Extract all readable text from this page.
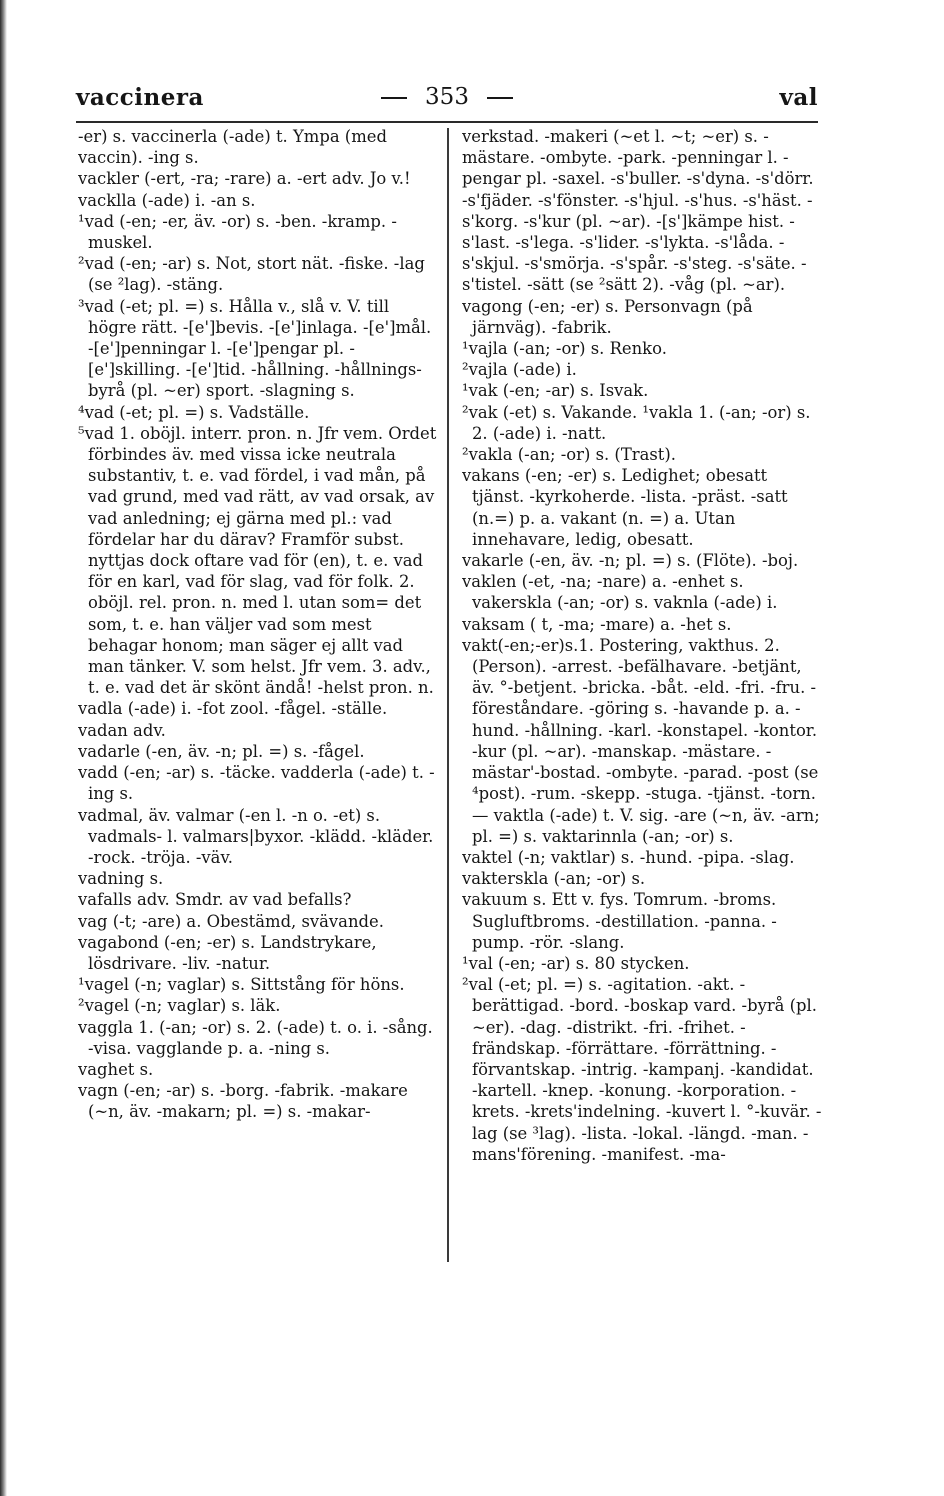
vaccinera	353	val
-er) s. vaccinerla (-ade) t. Ympa (med vaccin). -ing s.
vackler (-ert, -ra; -rare) a. -ert adv. Jo v.!
vacklla (-ade) i. -an s.
¹vad (-en; -er, äv. -or) s. -ben. -kramp. -muskel.
²vad (-en; -ar) s. Not, stort nät. -fiske. -lag (se ²lag). -stäng.
³vad (-et; pl. =) s. Hålla v., slå v. V. till högre rätt. -[e']bevis. -[e']inlaga. -[e']mål. -[e']penningar l. -[e']pengar pl. -[e']skilling. -[e']tid. -hållning. -hållnings-byrå (pl. ~er) sport. -slagning s.
⁴vad (-et; pl. =) s. Vadställe.
⁵vad 1. oböjl. interr. pron. n. Jfr vem. Ordet förbindes äv. med vissa icke neutrala substantiv, t. e. vad fördel, i vad mån, på vad grund, med vad rätt, av vad orsak, av vad anledning; ej gärna med pl.: vad fördelar har du därav? Framför subst. nyttjas dock oftare vad för (en), t. e. vad för en karl, vad för slag, vad för folk. 2. oböjl. rel. pron. n. med l. utan som= det som, t. e. han väljer vad som mest behagar honom; man säger ej allt vad man tänker. V. som helst. Jfr vem. 3. adv., t. e. vad det är skönt ändå! -helst pron. n.
vadla (-ade) i. -fot zool. -fågel. -ställe.
vadan adv.
vadarle (-en, äv. -n; pl. =) s. -fågel.
vadd (-en; -ar) s. -täcke. vadderla (-ade) t. -ing s.
vadmal, äv. valmar (-en l. -n o. -et) s. vadmals- l. valmars|byxor. -klädd. -kläder. -rock. -tröja. -väv.
vadning s.
vafalls adv. Smdr. av vad befalls?
vag (-t; -are) a. Obestämd, svävande.
vagabond (-en; -er) s. Landstrykare, lösdrivare. -liv. -natur.
¹vagel (-n; vaglar) s. Sittstång för höns.
²vagel (-n; vaglar) s. läk.
vaggla 1. (-an; -or) s. 2. (-ade) t. o. i. -sång. -visa. vagglande p. a. -ning s.
vaghet s.
vagn (-en; -ar) s. -borg. -fabrik. -makare (~n, äv. -makarn; pl. =) s. -makar-
verkstad. -makeri (~et l. ~t; ~er) s. -mästare. -ombyte. -park. -penningar l. -pengar pl. -saxel. -s'buller. -s'dyna. -s'dörr. -s'fjäder. -s'fönster. -s'hjul. -s'hus. -s'häst. -s'korg. -s'kur (pl. ~ar). -[s']kämpe hist. -s'last. -s'lega. -s'lider. -s'lykta. -s'låda. -s'skjul. -s'smörja. -s'spår. -s'steg. -s'säte. -s'tistel. -sätt (se ²sätt 2). -våg (pl. ~ar).
vagong (-en; -er) s. Personvagn (på järnväg). -fabrik.
¹vajla (-an; -or) s. Renko.
²vajla (-ade) i.
¹vak (-en; -ar) s. Isvak.
²vak (-et) s. Vakande. ¹vakla 1. (-an; -or) s. 2. (-ade) i. -natt.
²vakla (-an; -or) s. (Trast).
vakans (-en; -er) s. Ledighet; obesatt tjänst. -kyrkoherde. -lista. -präst. -satt (n.=) p. a. vakant (n. =) a. Utan innehavare, ledig, obesatt.
vakarle (-en, äv. -n; pl. =) s. (Flöte). -boj.
vaklen (-et, -na; -nare) a. -enhet s. vakerskla (-an; -or) s. vaknla (-ade) i.
vaksam ( t, -ma; -mare) a. -het s.
vakt(-en;-er)s.1. Postering, vakthus. 2. (Person). -arrest. -befälhavare. -betjänt, äv. °-betjent. -bricka. -båt. -eld. -fri. -fru. -föreståndare. -göring s. -havande p. a. -hund. -hållning. -karl. -konstapel. -kontor. -kur (pl. ~ar). -manskap. -mästare. -mästar'-bostad. -ombyte. -parad. -post (se ⁴post). -rum. -skepp. -stuga. -tjänst. -torn. — vaktla (-ade) t. V. sig. -are (~n, äv. -arn; pl. =) s. vaktarinnla (-an; -or) s.
vaktel (-n; vaktlar) s. -hund. -pipa. -slag.
vakterskla (-an; -or) s.
vakuum s. Ett v. fys. Tomrum. -broms. Sugluftbroms. -destillation. -panna. -pump. -rör. -slang.
¹val (-en; -ar) s. 80 stycken.
²val (-et; pl. =) s. -agitation. -akt. -berättigad. -bord. -boskap vard. -byrå (pl. ~er). -dag. -distrikt. -fri. -frihet. -frändskap. -förrättare. -förrättning. -förvantskap. -intrig. -kampanj. -kandidat. -kartell. -knep. -konung. -korporation. -krets. -krets'indelning. -kuvert l. °-kuvär. -lag (se ³lag). -lista. -lokal. -längd. -man. -mans'förening. -manifest. -ma-
